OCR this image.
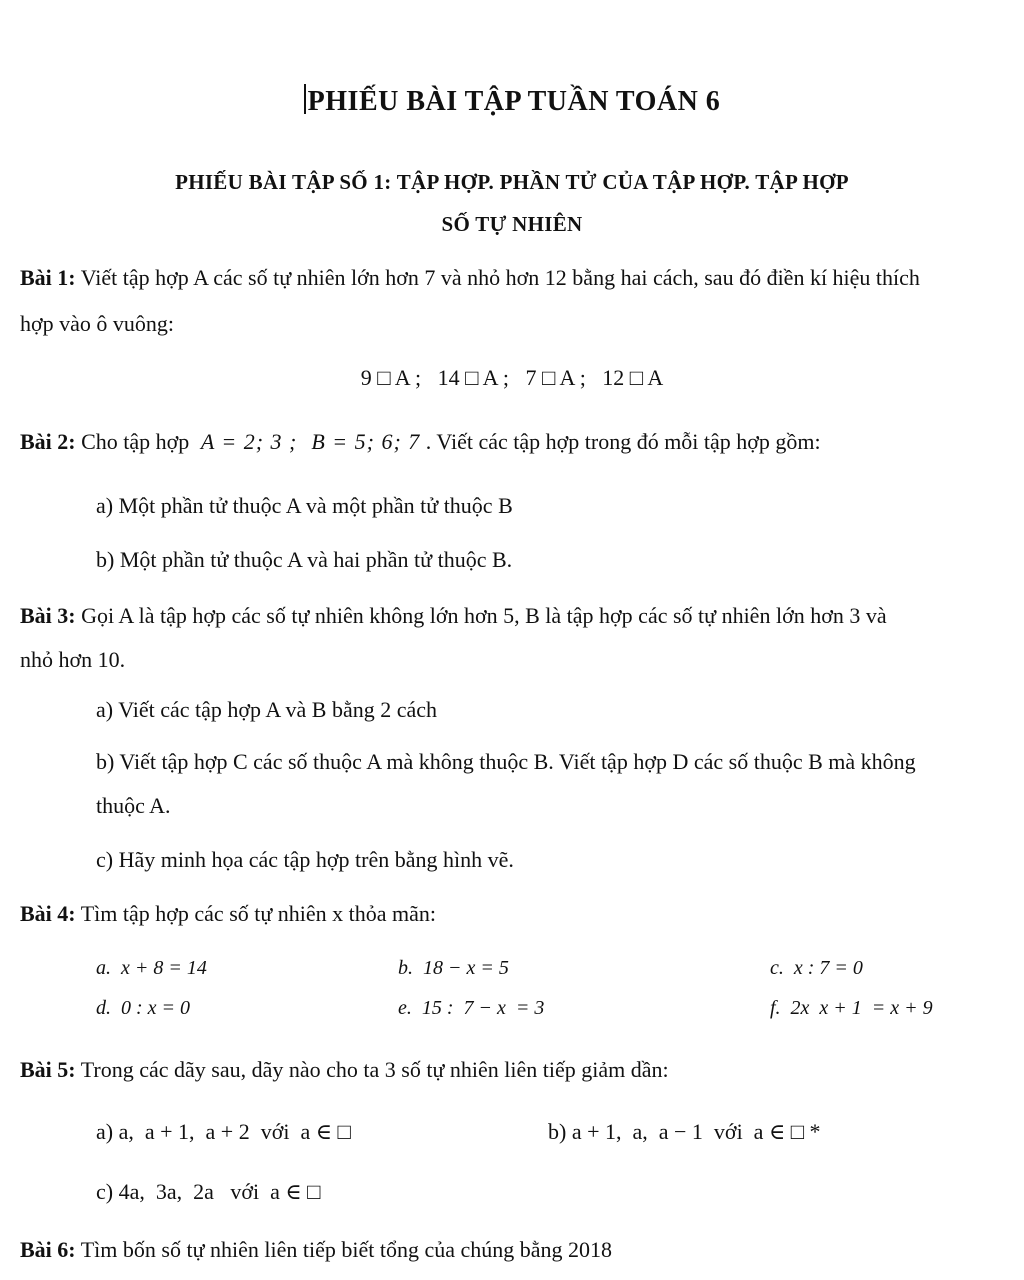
PHIẾU BÀI TẬP TUẦN TOÁN 6
PHIẾU BÀI TẬP SỐ 1: TẬP HỢP. PHẦN TỬ CỦA TẬP HỢP. TẬP HỢP
SỐ TỰ NHIÊN
Bài 1: Viết tập hợp A các số tự nhiên lớn hơn 7 và nhỏ hơn 12 bằng hai cách, sau đó điền kí hiệu thích
hợp vào ô vuông:
9 □ A ;   14 □ A ;   7 □ A ;   12 □ A
Bài 2: Cho tập hợp A = 2; 3 ; B = 5; 6; 7 . Viết các tập hợp trong đó mỗi tập hợp gồm:
a) Một phần tử thuộc A và một phần tử thuộc B
b) Một phần tử thuộc A và hai phần tử thuộc B.
Bài 3: Gọi A là tập hợp các số tự nhiên không lớn hơn 5, B là tập hợp các số tự nhiên lớn hơn 3 và
nhỏ hơn 10.
a) Viết các tập hợp A và B bằng 2 cách
b) Viết tập hợp C các số thuộc A mà không thuộc B. Viết tập hợp D các số thuộc B mà không
thuộc A.
c) Hãy minh họa các tập hợp trên bằng hình vẽ.
Bài 4: Tìm tập hợp các số tự nhiên x thỏa mãn:
a.  x + 8 = 14	b.  18 − x = 5	c.  x : 7 = 0
d.  0 : x = 0	e.  15 :  7 − x  = 3	f.  2x  x + 1  = x + 9
Bài 5: Trong các dãy sau, dãy nào cho ta 3 số tự nhiên liên tiếp giảm dần:
a) a,  a + 1,  a + 2  với  a ∈ □	b) a + 1,  a,  a − 1  với  a ∈ □ *
c) 4a,  3a,  2a   với  a ∈ □
Bài 6: Tìm bốn số tự nhiên liên tiếp biết tổng của chúng bằng 2018
